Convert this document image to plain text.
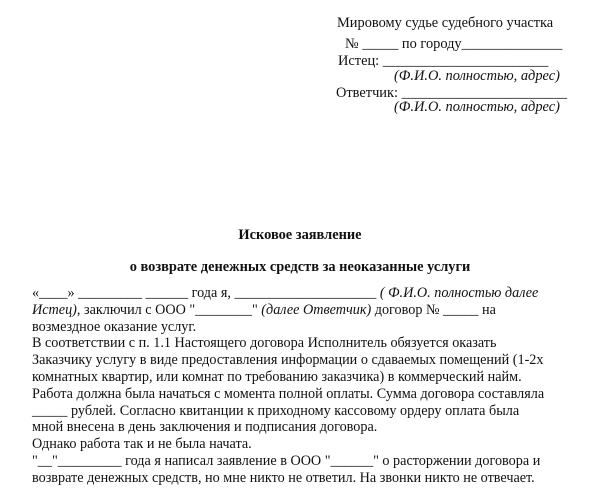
Мировому судье судебного участка
№ _____ по городу______________
Истец: _______________________
(Ф.И.О. полностью, адрес)
Ответчик: _______________________
(Ф.И.О. полностью, адрес)
Исковое заявление
о возврате денежных средств за неоказанные услуги
«____» _________ ______ года я, ____________________ ( Ф.И.О. полностью далее
Истец), заключил с ООО "________" (далее Ответчик) договор № _____ на
возмездное оказание услуг.
В соответствии с п. 1.1 Настоящего договора Исполнитель обязуется оказать
Заказчику услугу в виде предоставления информации о сдаваемых помещений (1-2х
комнатных квартир, или комнат по требованию заказчика) в коммерческий найм.
Работа должна была начаться с момента полной оплаты. Сумма договора составляла
_____ рублей. Согласно квитанции к приходному кассовому ордеру оплата была
мной внесена в день заключения и подписания договора.
Однако работа так и не была начата.
"__"_________ года я написал заявление в ООО "______" о расторжении договора и
возврате денежных средств, но мне никто не ответил. На звонки никто не отвечает.
